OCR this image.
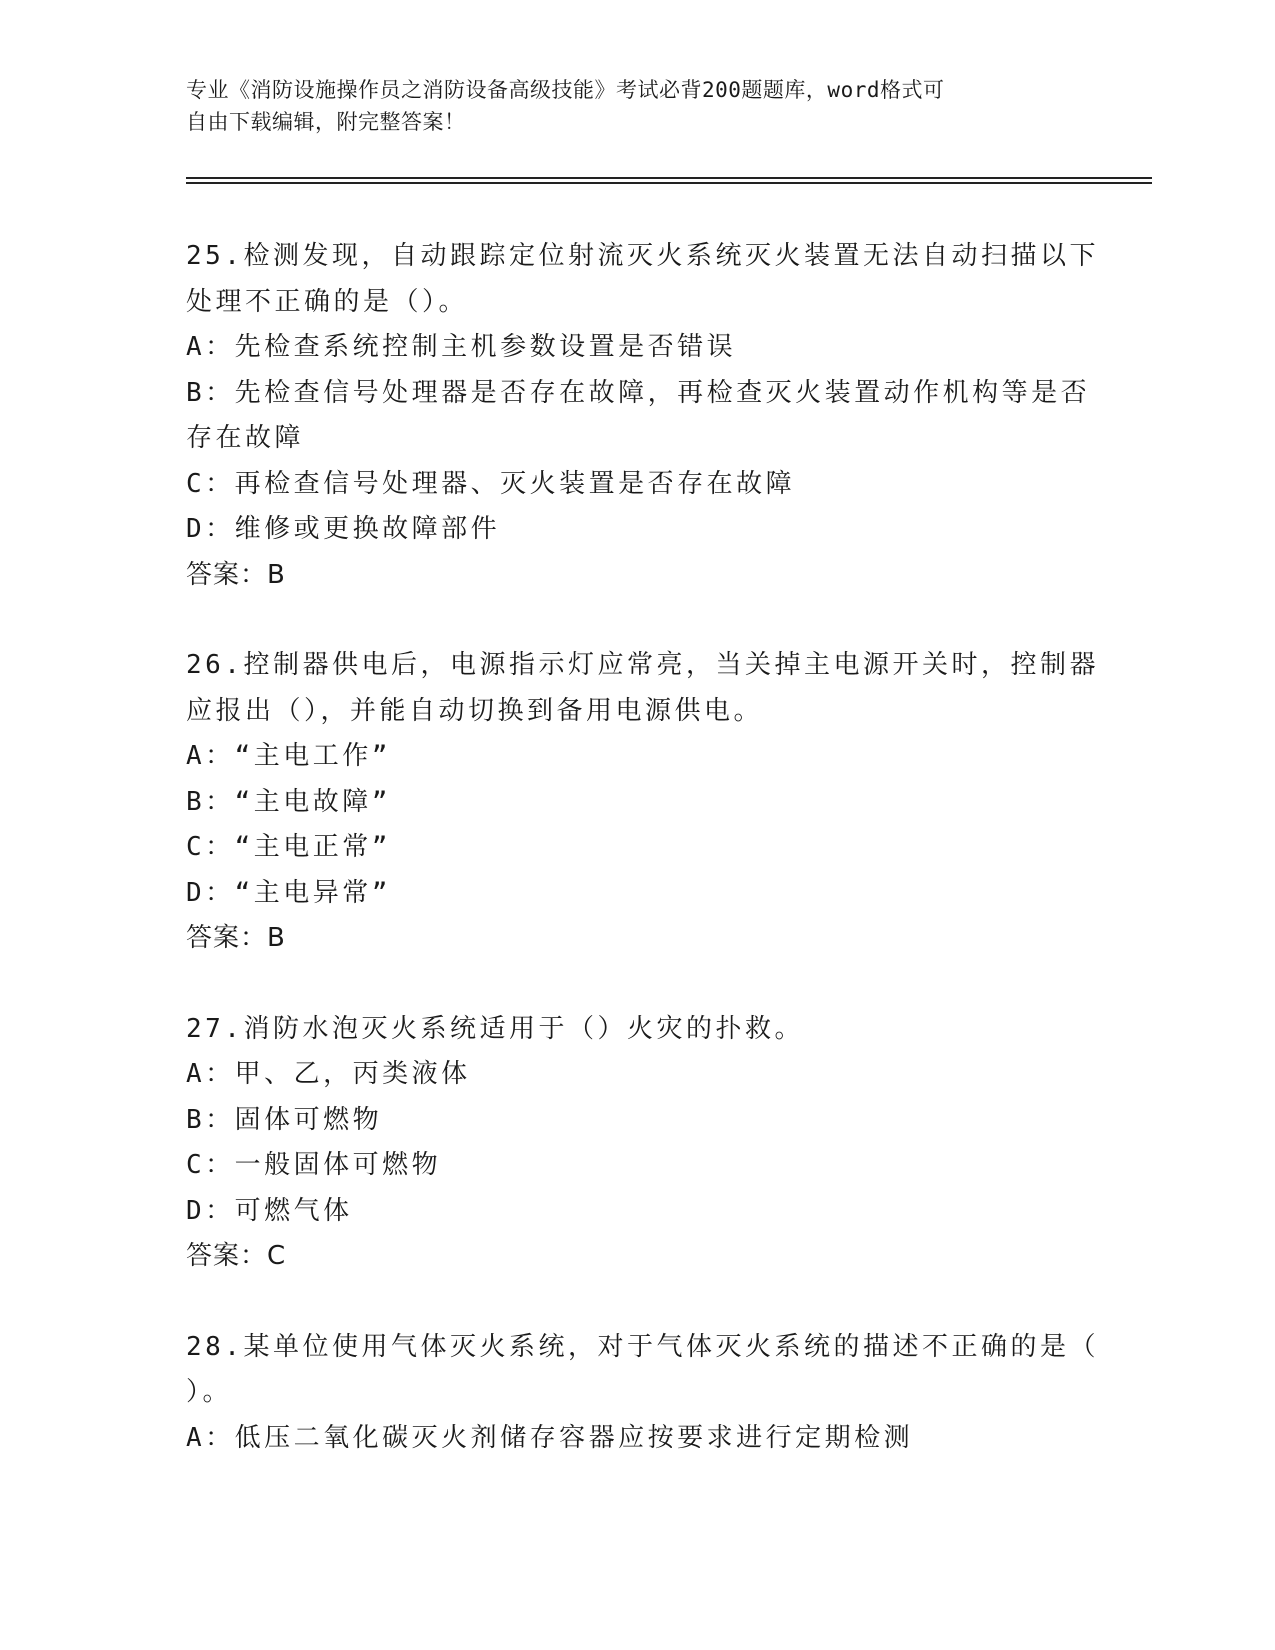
专业《消防设施操作员之消防设备高级技能》考试必背200题题库，word格式可
自由下载编辑，附完整答案！
25.检测发现，自动跟踪定位射流灭火系统灭火装置无法自动扫描以下
处理不正确的是（）。
A：先检查系统控制主机参数设置是否错误
B：先检查信号处理器是否存在故障，再检查灭火装置动作机构等是否
存在故障
C：再检查信号处理器、灭火装置是否存在故障
D：维修或更换故障部件
答案：B
26.控制器供电后，电源指示灯应常亮，当关掉主电源开关时，控制器
应报出（），并能自动切换到备用电源供电。
A：“主电工作”
B：“主电故障”
C：“主电正常”
D：“主电异常”
答案：B
27.消防水泡灭火系统适用于（）火灾的扑救。
A：甲、乙，丙类液体
B：固体可燃物
C：一般固体可燃物
D：可燃气体
答案：C
28.某单位使用气体灭火系统，对于气体灭火系统的描述不正确的是（
）。
A：低压二氧化碳灭火剂储存容器应按要求进行定期检测
